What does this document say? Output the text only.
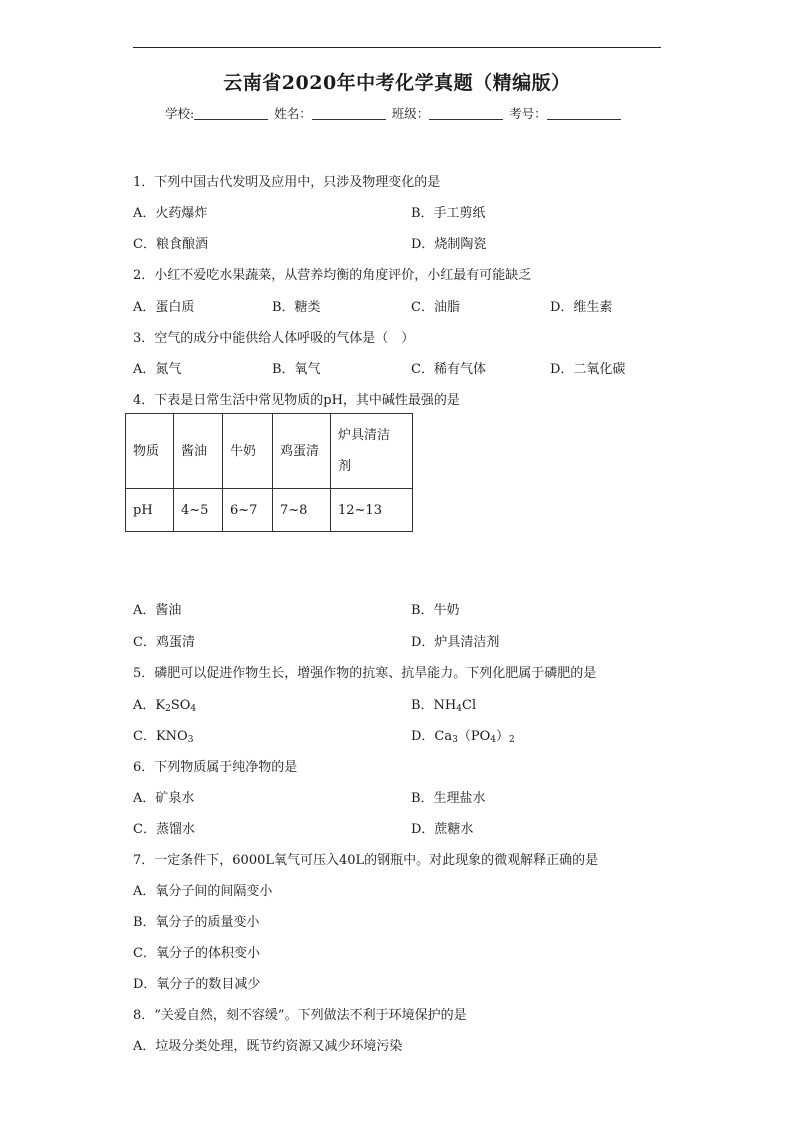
云南省2020年中考化学真题（精编版）
学校:	姓名：	班级：	考号：
1．下列中国古代发明及应用中，只涉及物理变化的是
A．火药爆炸	B．手工剪纸
C．粮食酿酒	D．烧制陶瓷
2．小红不爱吃水果蔬菜，从营养均衡的角度评价，小红最有可能缺乏
A．蛋白质	B．糖类	C．油脂	D．维生素
3．空气的成分中能供给人体呼吸的气体是（　）
A．氮气	B．氧气	C．稀有气体	D．二氧化碳
4．下表是日常生活中常见物质的pH，其中碱性最强的是
物质	酱油	牛奶	鸡蛋清	炉具清洁
剂
pH	4~5	6~7	7~8	12~13
A．酱油	B．牛奶
C．鸡蛋清	D．炉具清洁剂
5．磷肥可以促进作物生长，增强作物的抗寒、抗旱能力。下列化肥属于磷肥的是
A．$K_2SO_4$	B．$NH_4Cl$
C．$KNO_3$	D．$Ca_3(PO_4)_2$
6．下列物质属于纯净物的是
A．矿泉水	B．生理盐水
C．蒸馏水	D．蔗糖水
7．一定条件下，6000L氧气可压入40L的钢瓶中。对此现象的微观解释正确的是
A．氧分子间的间隔变小
B．氧分子的质量变小
C．氧分子的体积变小
D．氧分子的数目减少
8．“关爱自然，刻不容缓”。下列做法不利于环境保护的是
A．垃圾分类处理，既节约资源又减少环境污染
